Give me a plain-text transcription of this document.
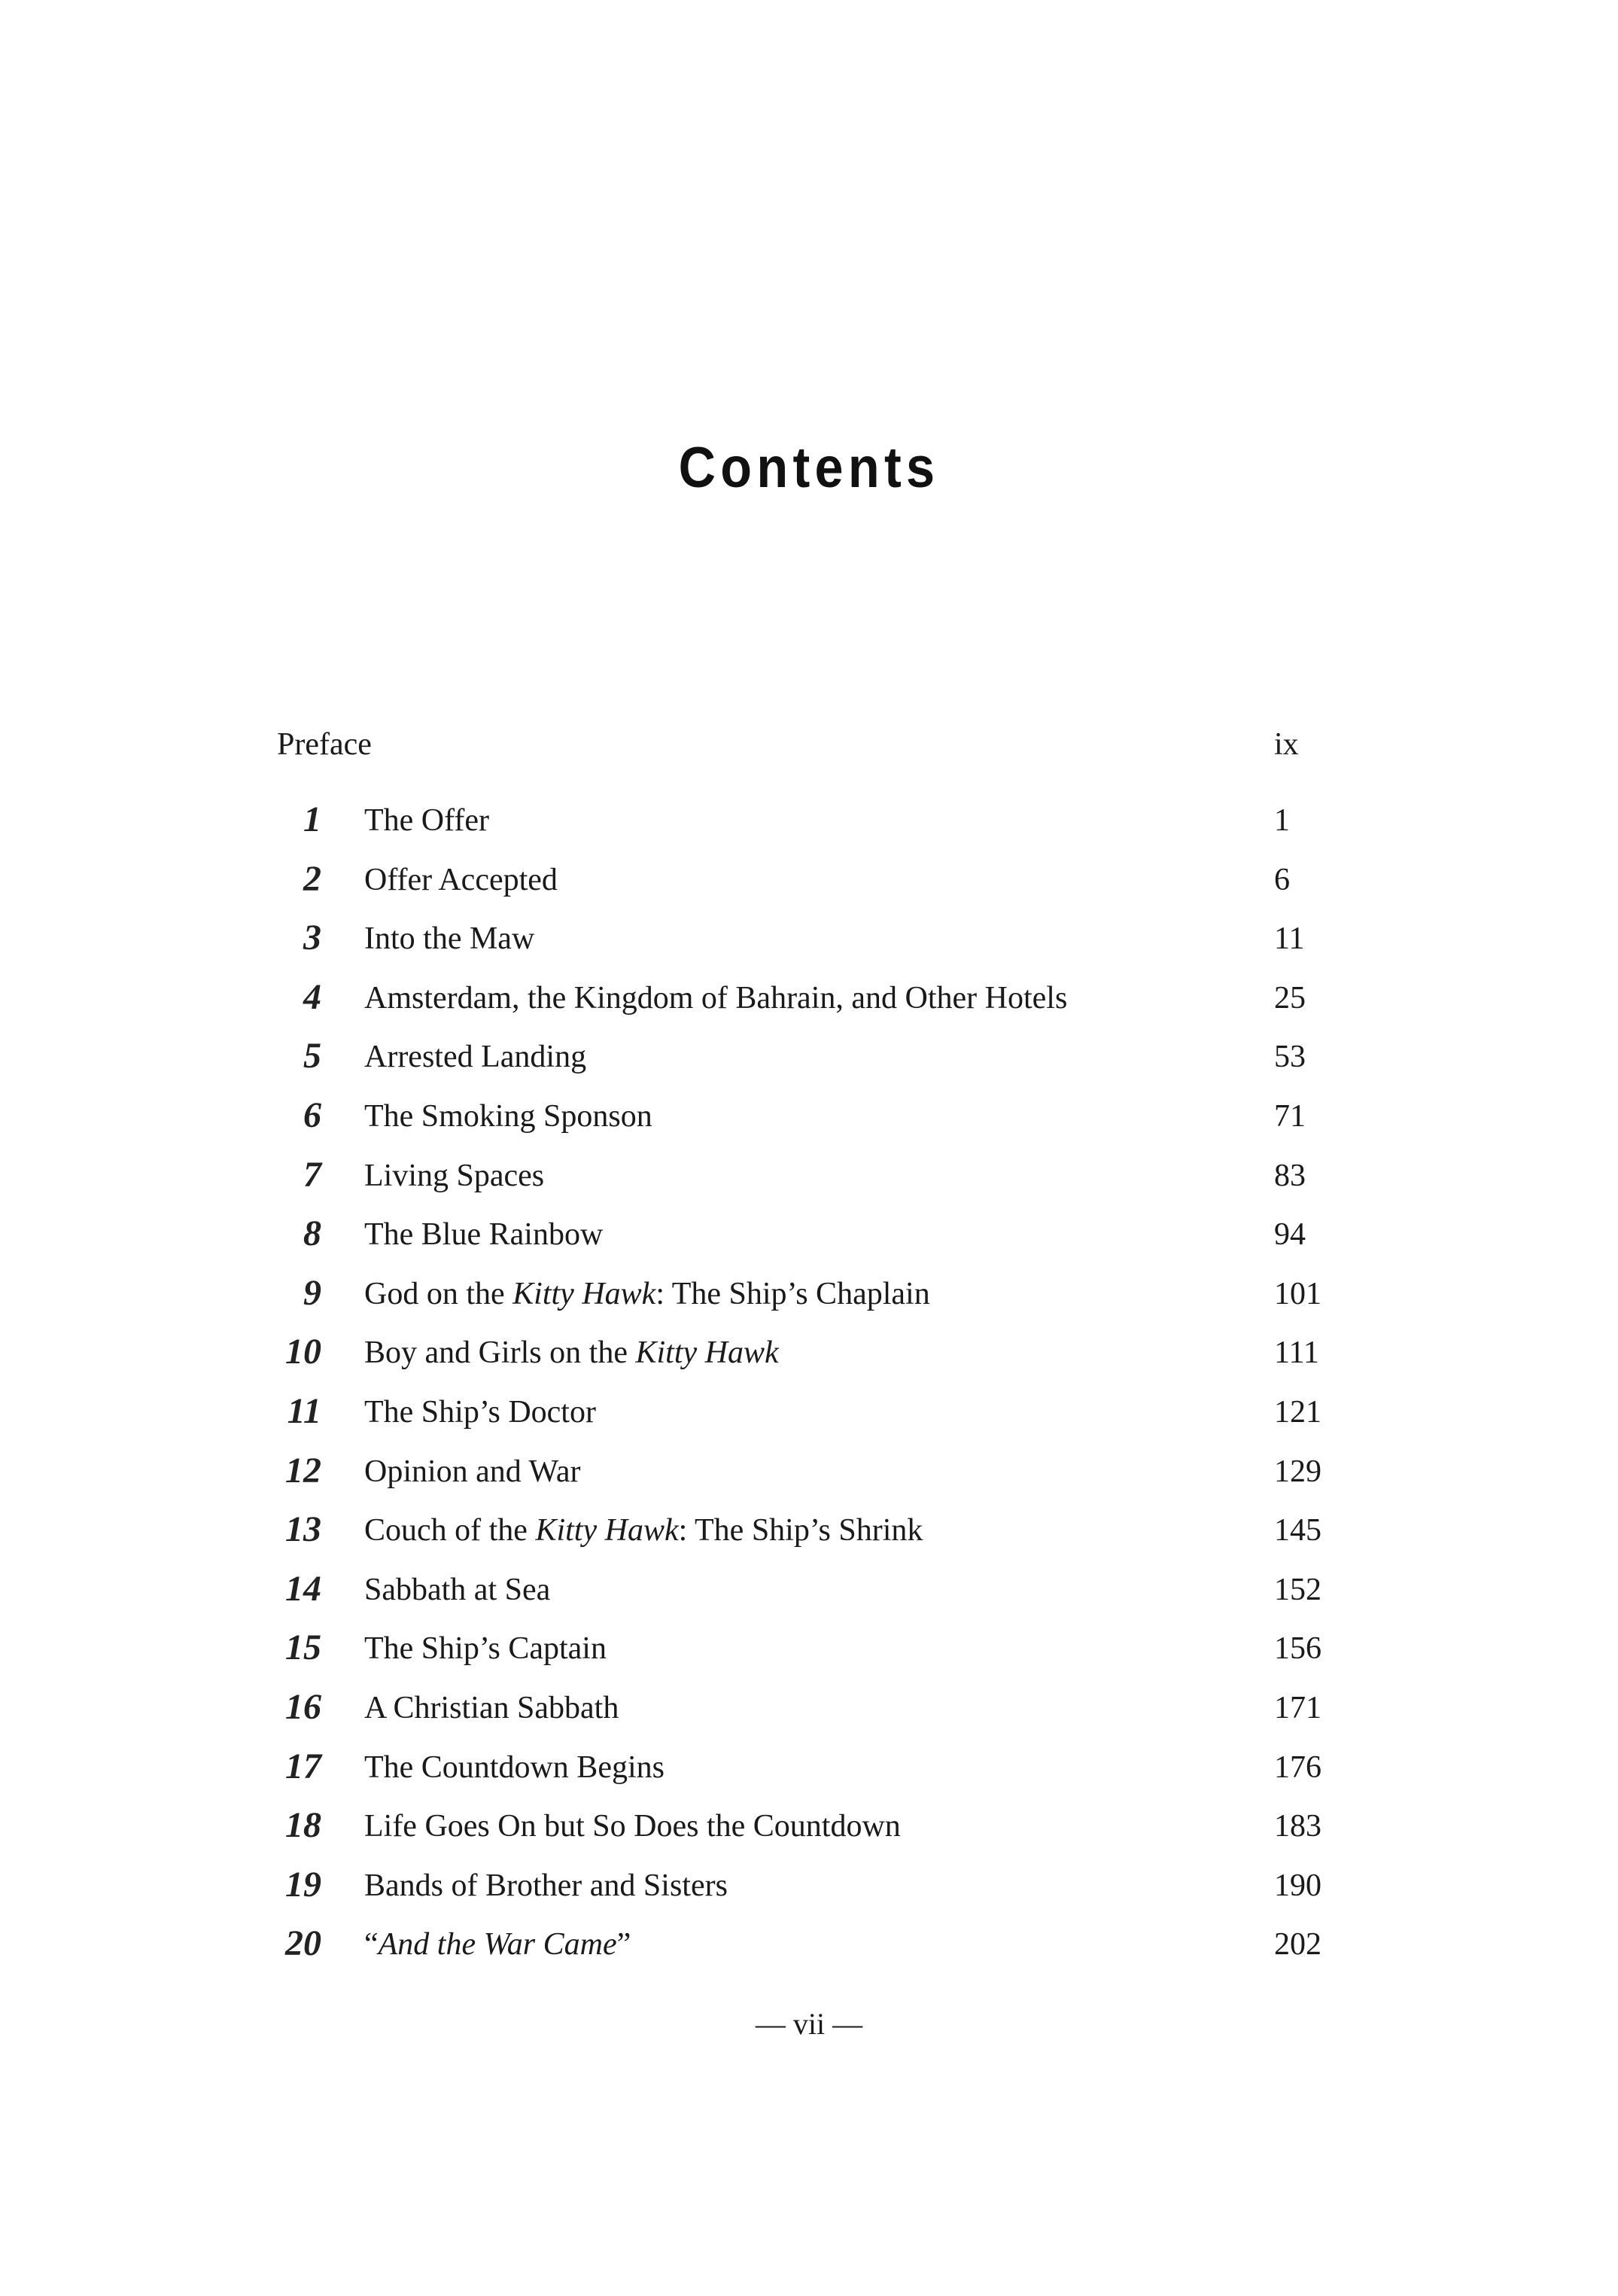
Contents
Preface	ix
1 The Offer	1
2 Offer Accepted	6
3 Into the Maw	11
4 Amsterdam, the Kingdom of Bahrain, and Other Hotels	25
5 Arrested Landing	53
6 The Smoking Sponson	71
7 Living Spaces	83
8 The Blue Rainbow	94
9 God on the Kitty Hawk: The Ship’s Chaplain	101
10 Boy and Girls on the Kitty Hawk	111
11 The Ship’s Doctor	121
12 Opinion and War	129
13 Couch of the Kitty Hawk: The Ship’s Shrink	145
14 Sabbath at Sea	152
15 The Ship’s Captain	156
16 A Christian Sabbath	171
17 The Countdown Begins	176
18 Life Goes On but So Does the Countdown	183
19 Bands of Brother and Sisters	190
20 “And the War Came”	202
— vii —
